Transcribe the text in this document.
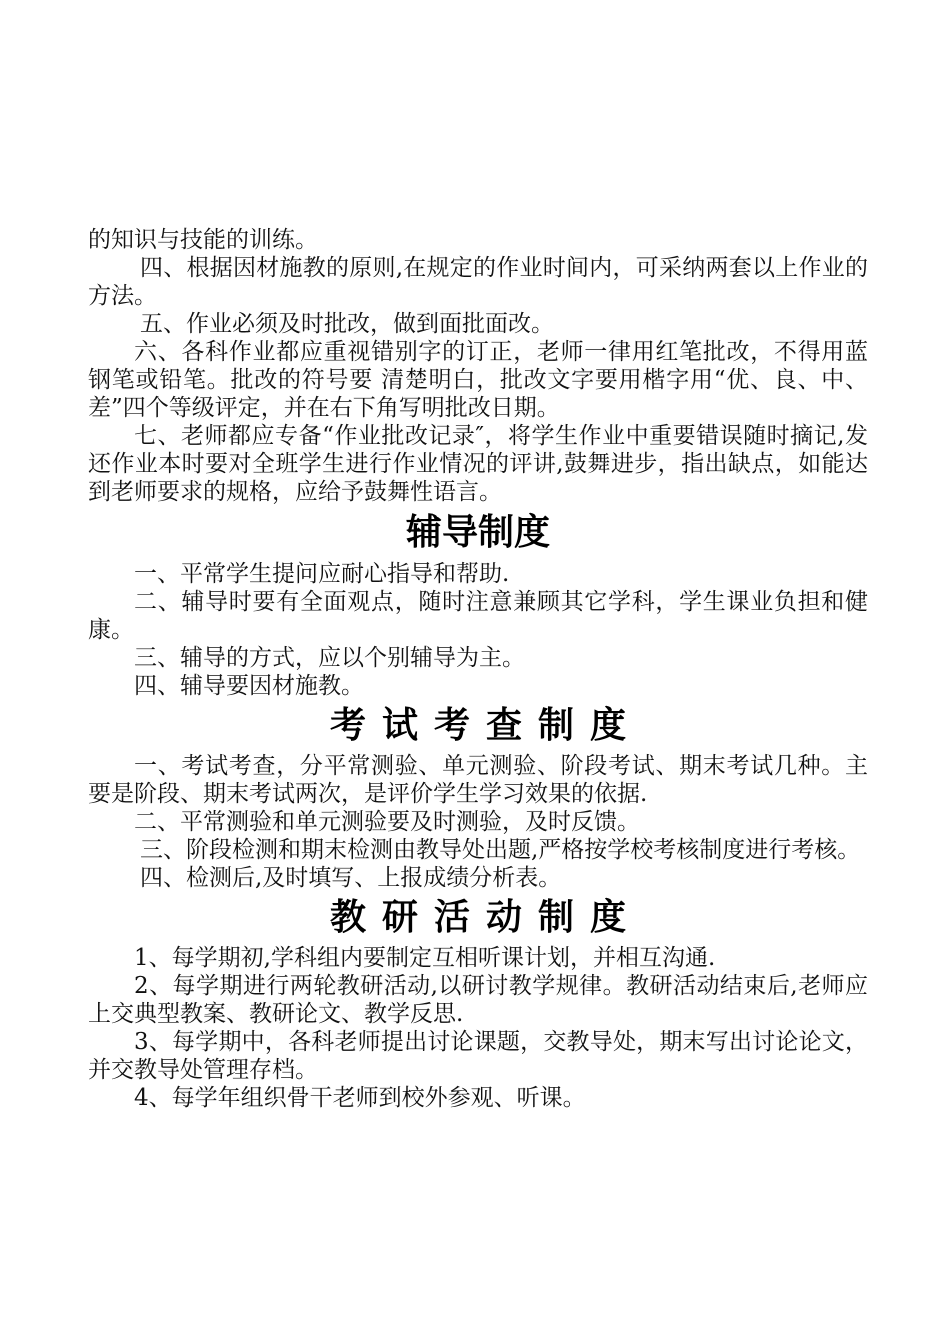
的知识与技能的训练。

四、根据因材施教的原则,在规定的作业时间内，可采纳两套以上作业的方法。

五、作业必须及时批改，做到面批面改。

六、各科作业都应重视错别字的订正，老师一律用红笔批改，不得用蓝钢笔或铅笔。批改的符号要 清楚明白，批改文字要用楷字用“优、良、中、差”四个等级评定，并在右下角写明批改日期。

七、老师都应专备“作业批改记录″，将学生作业中重要错误随时摘记,发还作业本时要对全班学生进行作业情况的评讲,鼓舞进步，指出缺点，如能达到老师要求的规格，应给予鼓舞性语言。

辅导制度

一、平常学生提问应耐心指导和帮助.

二、辅导时要有全面观点，随时注意兼顾其它学科，学生课业负担和健康。

三、辅导的方式，应以个别辅导为主。

四、辅导要因材施教。

考试考查制度

一、考试考查，分平常测验、单元测验、阶段考试、期末考试几种。主要是阶段、期末考试两次，是评价学生学习效果的依据.

二、平常测验和单元测验要及时测验，及时反馈。

三、阶段检测和期末检测由教导处出题,严格按学校考核制度进行考核。

四、检测后,及时填写、上报成绩分析表。

教研活动制度

1、每学期初,学科组内要制定互相听课计划，并相互沟通.

2、每学期进行两轮教研活动,以研讨教学规律。教研活动结束后,老师应上交典型教案、教研论文、教学反思.

3、每学期中，各科老师提出讨论课题，交教导处，期末写出讨论论文，并交教导处管理存档。

4、每学年组织骨干老师到校外参观、听课。
